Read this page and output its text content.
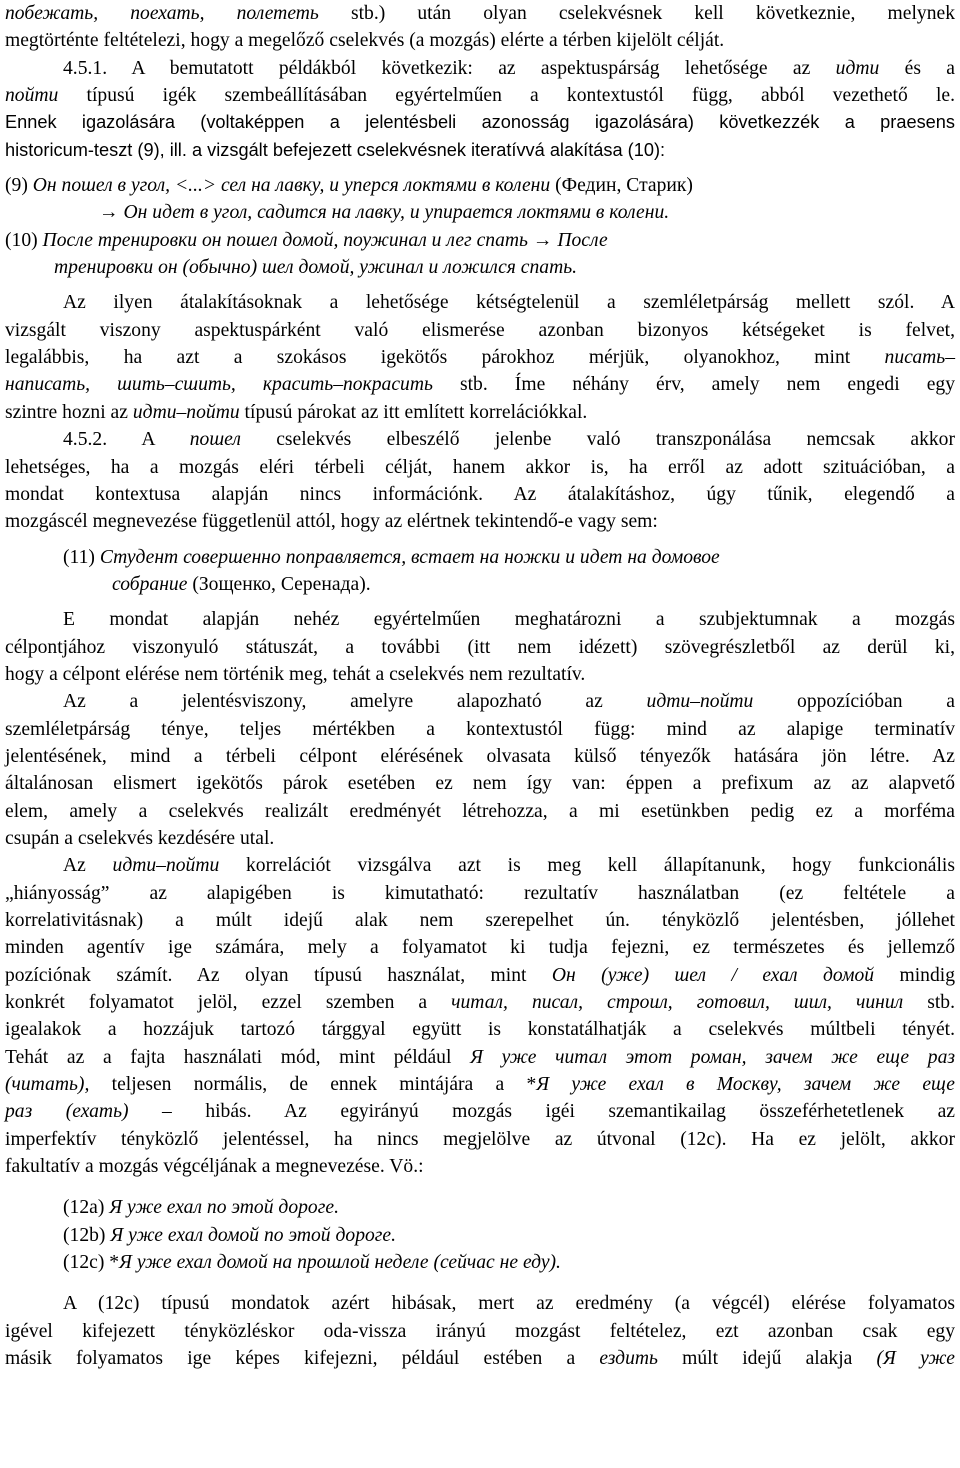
побежать, поехать, полететь stb.) után olyan cselekvésnek kell következnie, melynek

megtörténte feltételezi, hogy a megelőző cselekvés (a mozgás) elérte a térben kijelölt célját.

4.5.1. A bemutatott példákból következik: az aspektuspárság lehetősége az идти és a

пойти típusú igék szembeállításában egyértelműen a kontextustól függ, abból vezethető le.

Ennek igazolására (voltaképpen a jelentésbeli azonosság igazolására) következzék a praesens

historicum-teszt (9), ill. a vizsgált befejezett cselekvésnek iteratívvá alakítása (10):

(9) Он пошел в угол, <...> сел на лавку, и уперся локтями в колени (Федин, Старик)

→ Он идет в угол, садится на лавку, и упирается локтями в колени.

(10) После тренировки он пошел домой, поужинал и лег спать → После

тренировки он (обычно) шел домой, ужинал и ложился спать.

Az ilyen átalakításoknak a lehetősége kétségtelenül a szemléletpárság mellett szól. A

vizsgált viszony aspektuspárként való elismerése azonban bizonyos kétségeket is felvet,

legalábbis, ha azt a szokásos igekötős párokhoz mérjük, olyanokhoz, mint писать–

написать, шить–сшить, красить–покрасить stb. Íme néhány érv, amely nem engedi egy

szintre hozni az идти–пойти típusú párokat az itt említett korrelációkkal.

4.5.2. A пошел cselekvés elbeszélő jelenbe való transzponálása nemcsak akkor

lehetséges, ha a mozgás eléri térbeli célját, hanem akkor is, ha erről az adott szituációban, a

mondat kontextusa alapján nincs információnk. Az átalakításhoz, úgy tűnik, elegendő a

mozgáscél megnevezése függetlenül attól, hogy az elértnek tekintendő-e vagy sem:

(11) Студент совершенно поправляется, встает на ножки и идет на домовое

собрание (Зощенко, Серенада).

E mondat alapján nehéz egyértelműen meghatározni a szubjektumnak a mozgás

célpontjához viszonyuló státuszát, a további (itt nem idézett) szövegrészletből az derül ki,

hogy a célpont elérése nem történik meg, tehát a cselekvés nem rezultatív.

Az a jelentésviszony, amelyre alapozható az идти–пойти oppozícióban a

szemléletpárság ténye, teljes mértékben a kontextustól függ: mind az alapige terminatív

jelentésének, mind a térbeli célpont elérésének olvasata külső tényezők hatására jön létre. Az

általánosan elismert igekötős párok esetében ez nem így van: éppen a prefixum az az alapvető

elem, amely a cselekvés realizált eredményét létrehozza, a mi esetünkben pedig ez a morféma

csupán a cselekvés kezdésére utal.

Az идти–пойти korrelációt vizsgálva azt is meg kell állapítanunk, hogy funkcionális

„hiányosság” az alapigében is kimutatható: rezultatív használatban (ez feltétele a

korrelativitásnak) a múlt idejű alak nem szerepelhet ún. tényközlő jelentésben, jóllehet

minden agentív ige számára, mely a folyamatot ki tudja fejezni, ez természetes és jellemző

pozíciónak számít. Az olyan típusú használat, mint Он (уже) шел / ехал домой mindig

konkrét folyamatot jelöl, ezzel szemben a читал, писал, строил, готовил, шил, чинил stb.

igealakok a hozzájuk tartozó tárggyal együtt is konstatálhatják a cselekvés múltbeli tényét.

Tehát az a fajta használati mód, mint például Я уже читал этот роман, зачем же еще раз

(читать), teljesen normális, de ennek mintájára a *Я уже ехал в Москву, зачем же еще

раз (ехать) – hibás. Az egyirányú mozgás igéi szemantikailag összeférhetetlenek az

imperfektív tényközlő jelentéssel, ha nincs megjelölve az útvonal (12c). Ha ez jelölt, akkor

fakultatív a mozgás végcéljának a megnevezése. Vö.:

(12a) Я уже ехал по этой дороге.

(12b) Я уже ехал домой по этой дороге.

(12c) *Я уже ехал домой на прошлой неделе (сейчас не еду).

A (12c) típusú mondatok azért hibásak, mert az eredmény (a végcél) elérése folyamatos

igével kifejezett tényközléskor oda-vissza irányú mozgást feltételez, ezt azonban csak egy

másik folyamatos ige képes kifejezni, például estében a ездить múlt idejű alakja (Я уже
